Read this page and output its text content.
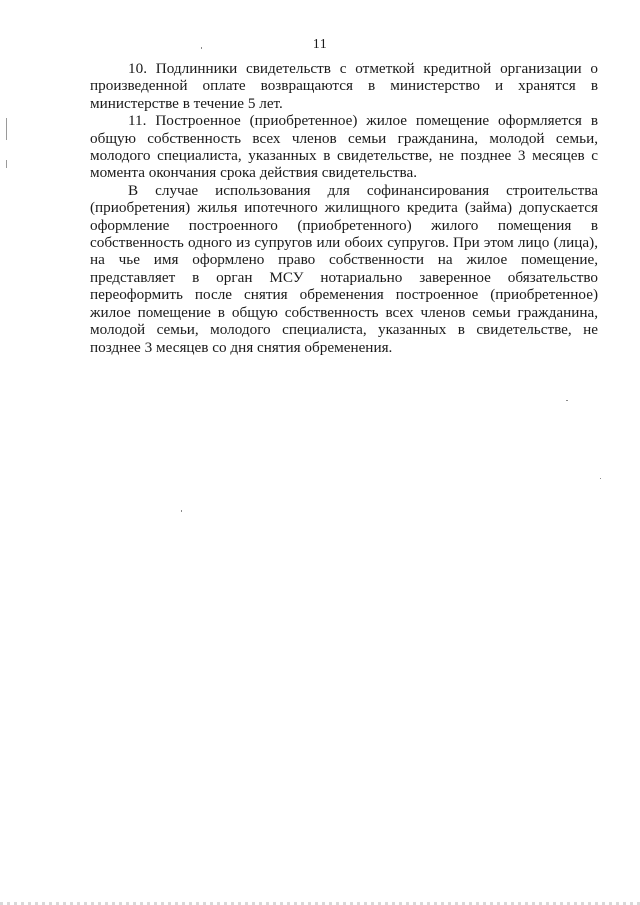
11

10. Подлинники свидетельств с отметкой кредитной организации о произведенной оплате возвращаются в министерство и хранятся в министерстве в течение 5 лет.

11. Построенное (приобретенное) жилое помещение оформляется в общую собственность всех членов семьи гражданина, молодой семьи, молодого специалиста, указанных в свидетельстве, не позднее 3 месяцев с момента окончания срока действия свидетельства.

В случае использования для софинансирования строительства (приобретения) жилья ипотечного жилищного кредита (займа) допускается оформление построенного (приобретенного) жилого помещения в собственность одного из супругов или обоих супругов. При этом лицо (лица), на чье имя оформлено право собственности на жилое помещение, представляет в орган МСУ нотариально заверенное обязательство переоформить после снятия обременения построенное (приобретенное) жилое помещение в общую собственность всех членов семьи гражданина, молодой семьи, молодого специалиста, указанных в свидетельстве, не позднее 3 месяцев со дня снятия обременения.
